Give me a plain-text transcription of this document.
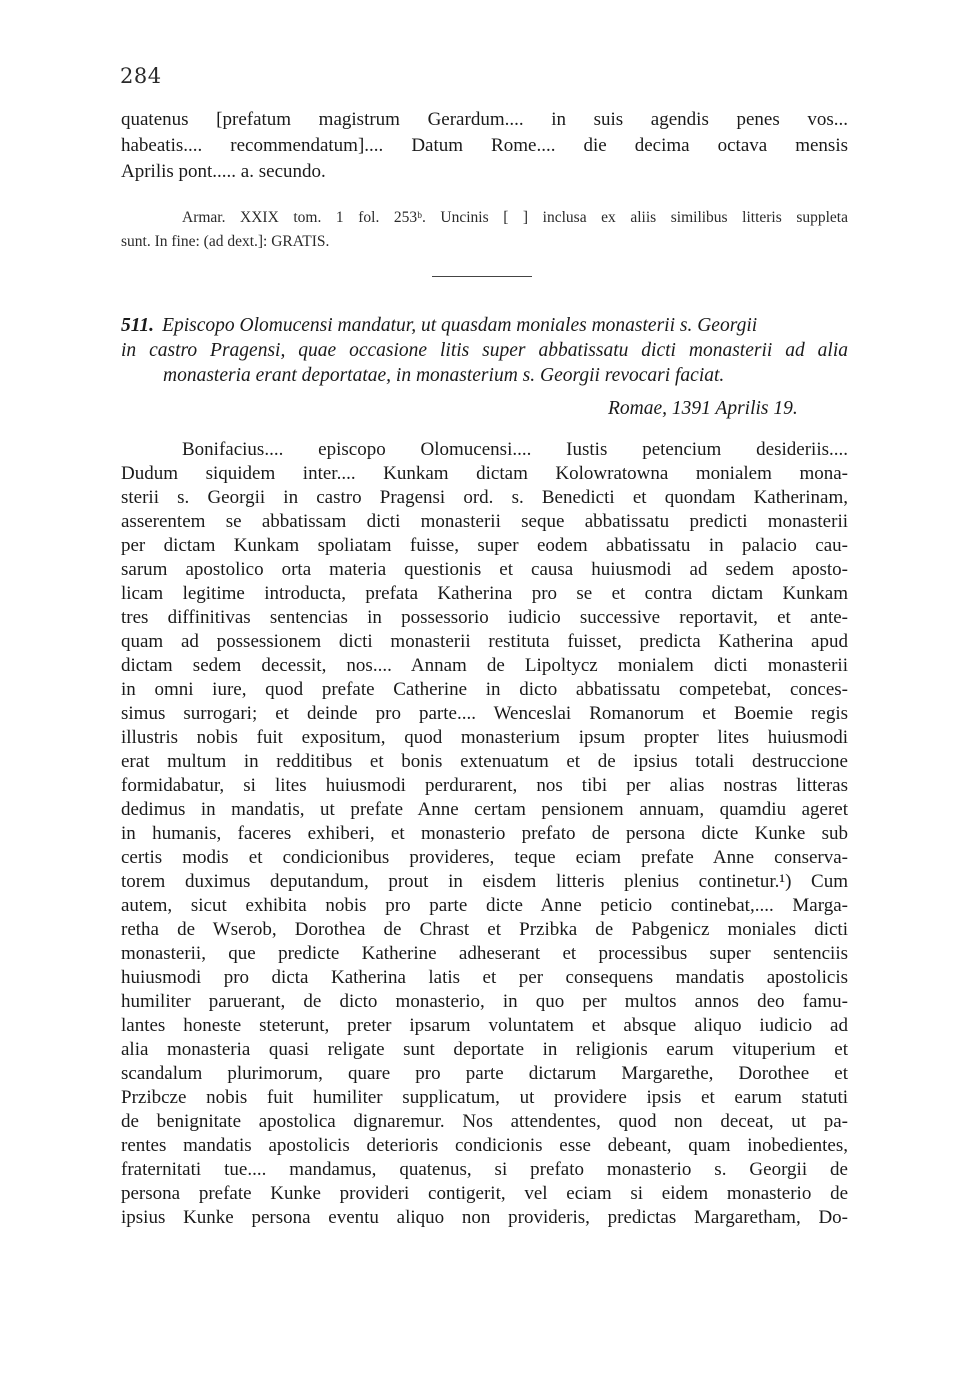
284
quatenus [prefatum magistrum Gerardum.... in suis agendis penes vos...
habeatis.... recommendatum].... Datum Rome.... die decima octava mensis
Aprilis pont..... a. secundo.
Armar. XXIX tom. 1 fol. 253ᵇ. Uncinis [ ] inclusa ex aliis similibus litteris suppleta
sunt. In fine: (ad dext.]: GRATIS.
511. Episcopo Olomucensi mandatur, ut quasdam moniales monasterii s. Georgii
in castro Pragensi, quae occasione litis super abbatissatu dicti monasterii ad alia
monasteria erant deportatae, in monasterium s. Georgii revocari faciat.
Romae, 1391 Aprilis 19.
Bonifacius.... episcopo Olomucensi.... Iustis petencium desideriis....
Dudum siquidem inter.... Kunkam dictam Kolowratowna monialem mona-
sterii s. Georgii in castro Pragensi ord. s. Benedicti et quondam Katherinam,
asserentem se abbatissam dicti monasterii seque abbatissatu predicti monasterii
per dictam Kunkam spoliatam fuisse, super eodem abbatissatu in palacio cau-
sarum apostolico orta materia questionis et causa huiusmodi ad sedem aposto-
licam legitime introducta, prefata Katherina pro se et contra dictam Kunkam
tres diffinitivas sentencias in possessorio iudicio successive reportavit, et ante-
quam ad possessionem dicti monasterii restituta fuisset, predicta Katherina apud
dictam sedem decessit, nos.... Annam de Lipoltycz monialem dicti monasterii
in omni iure, quod prefate Catherine in dicto abbatissatu competebat, conces-
simus surrogari; et deinde pro parte.... Wenceslai Romanorum et Boemie regis
illustris nobis fuit expositum, quod monasterium ipsum propter lites huiusmodi
erat multum in redditibus et bonis extenuatum et de ipsius totali destruccione
formidabatur, si lites huiusmodi perdurarent, nos tibi per alias nostras litteras
dedimus in mandatis, ut prefate Anne certam pensionem annuam, quamdiu ageret
in humanis, faceres exhiberi, et monasterio prefato de persona dicte Kunke sub
certis modis et condicionibus provideres, teque eciam prefate Anne conserva-
torem duximus deputandum, prout in eisdem litteris plenius continetur.¹) Cum
autem, sicut exhibita nobis pro parte dicte Anne peticio continebat,.... Marga-
retha de Wserob, Dorothea de Chrast et Przibka de Pabgenicz moniales dicti
monasterii, que predicte Katherine adheserant et processibus super sentenciis
huiusmodi pro dicta Katherina latis et per consequens mandatis apostolicis
humiliter paruerant, de dicto monasterio, in quo per multos annos deo famu-
lantes honeste steterunt, preter ipsarum voluntatem et absque aliquo iudicio ad
alia monasteria quasi religate sunt deportate in religionis earum vituperium et
scandalum plurimorum, quare pro parte dictarum Margarethe, Dorothee et
Przibcze nobis fuit humiliter supplicatum, ut providere ipsis et earum statuti
de benignitate apostolica dignaremur. Nos attendentes, quod non deceat, ut pa-
rentes mandatis apostolicis deterioris condicionis esse debeant, quam inobedientes,
fraternitati tue.... mandamus, quatenus, si prefato monasterio s. Georgii de
persona prefate Kunke provideri contigerit, vel eciam si eidem monasterio de
ipsius Kunke persona eventu aliquo non provideris, predictas Margaretham, Do-
